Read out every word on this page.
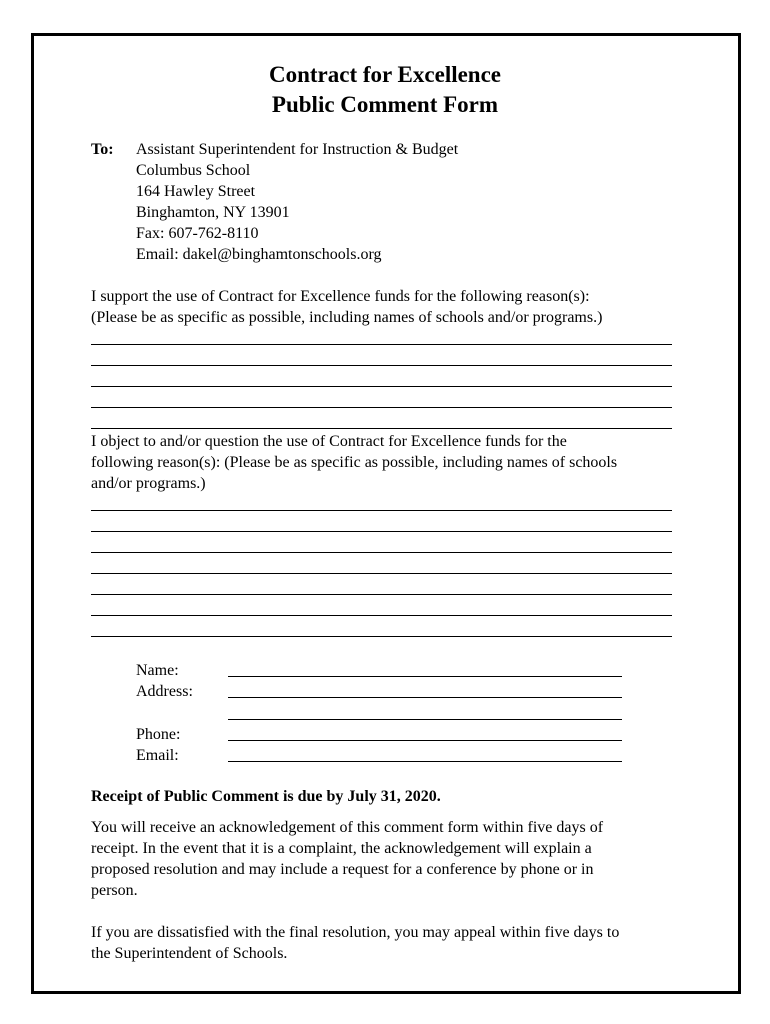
Contract for Excellence
Public Comment Form
To: Assistant Superintendent for Instruction & Budget
Columbus School
164 Hawley Street
Binghamton, NY 13901
Fax: 607-762-8110
Email: dakel@binghamtonschools.org
I support the use of Contract for Excellence funds for the following reason(s):
(Please be as specific as possible, including names of schools and/or programs.)
I object to and/or question the use of Contract for Excellence funds for the
following reason(s): (Please be as specific as possible, including names of schools
and/or programs.)
Name:
Address:
Phone:
Email:
Receipt of Public Comment is due by July 31, 2020.
You will receive an acknowledgement of this comment form within five days of
receipt. In the event that it is a complaint, the acknowledgement will explain a
proposed resolution and may include a request for a conference by phone or in
person.
If you are dissatisfied with the final resolution, you may appeal within five days to
the Superintendent of Schools.
